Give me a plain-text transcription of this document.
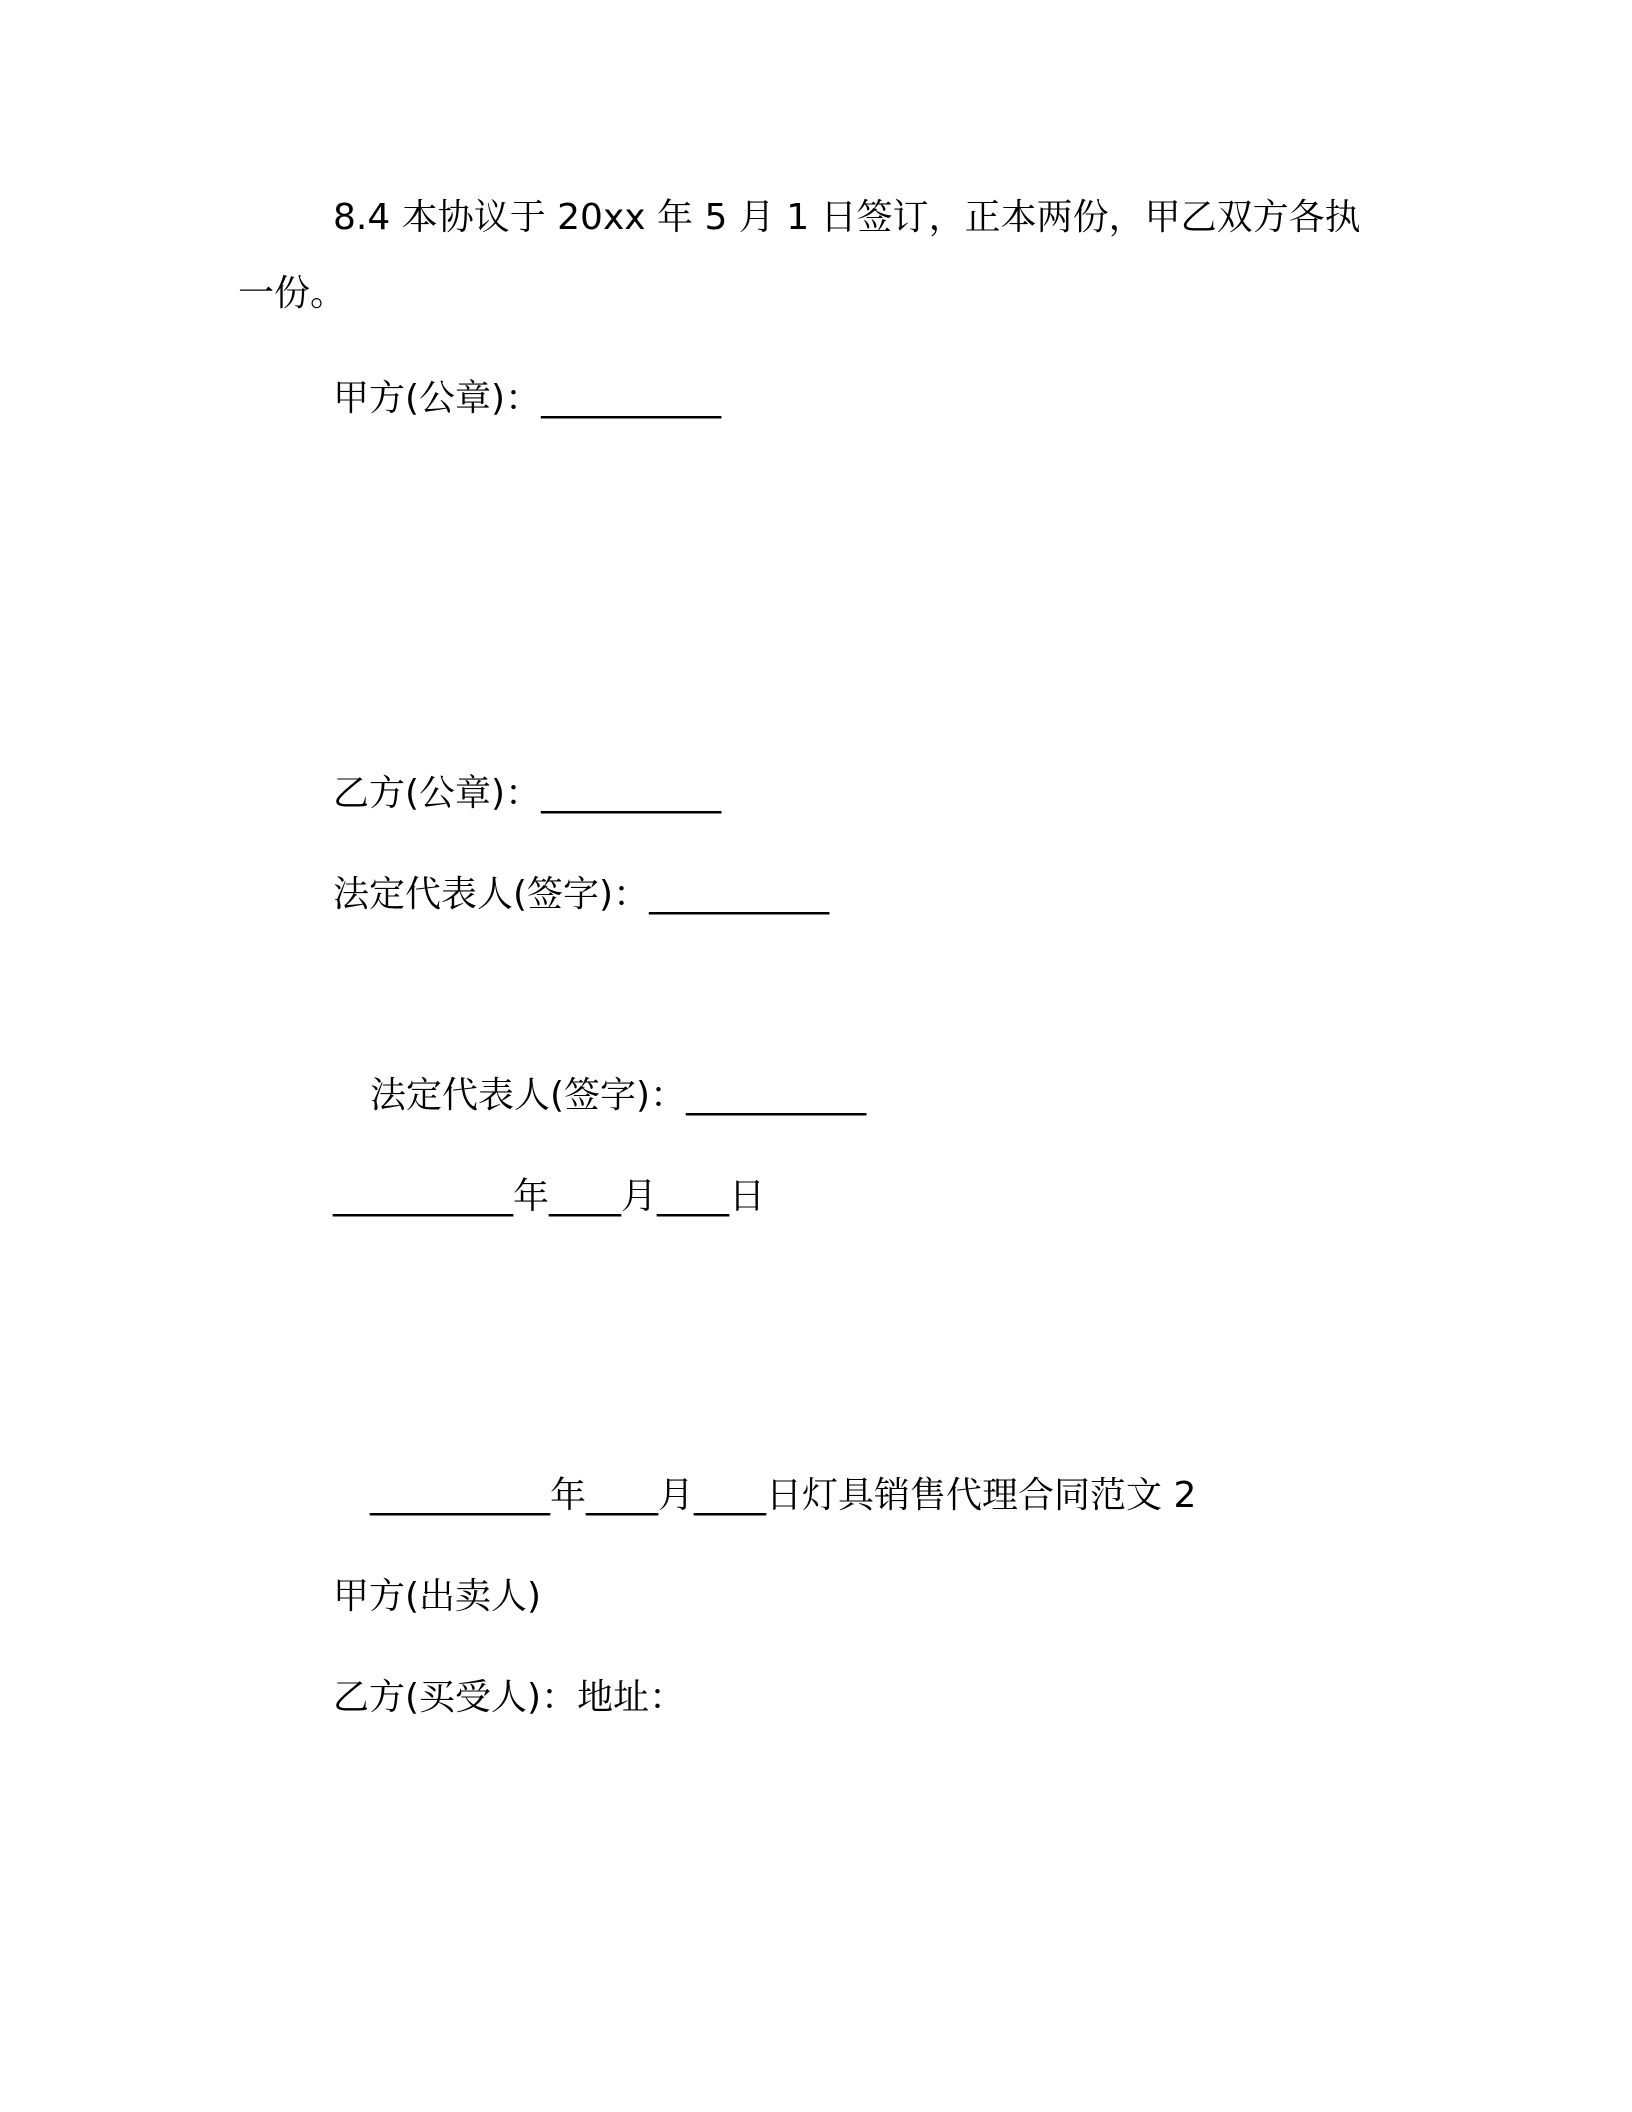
8.4 本协议于 20xx 年 5 月 1 日签订，正本两份，甲乙双方各执

一份。

甲方(公章)：__________

乙方(公章)：__________

法定代表人(签字)：__________

法定代表人(签字)：__________

__________年____月____日

__________年____月____日灯具销售代理合同范文 2

甲方(出卖人)

乙方(买受人)：地址：
